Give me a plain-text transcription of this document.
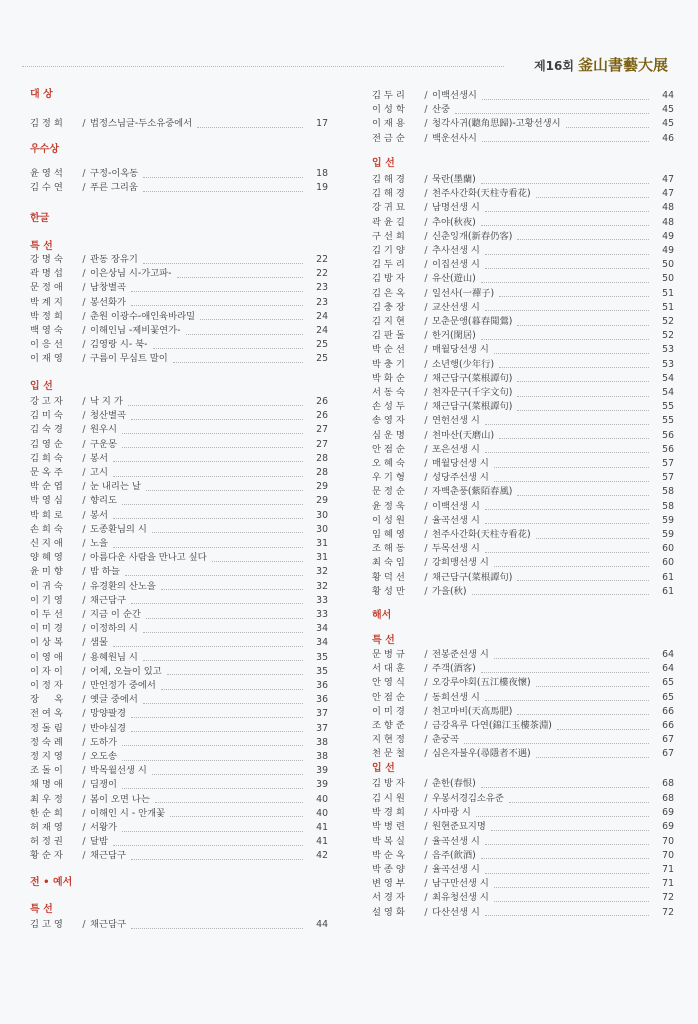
제16회 釜山書藝大展
대 상
김 정 희	/ 법정스님글-두소유중에서	17
우수상
윤 영 석	/ 구정-이옥동	18
김 수 연	/ 푸른 그리움	19
한글
특 선
강 명 숙	/ 관동 장유기	22
곽 명 섭	/ 이은상님 시-가고파-	22
문 정 애	/ 남창별곡	23
박 계 지	/ 봉선화가	23
박 정 희	/ 춘원 이광수-애인육바라밀	24
백 영 숙	/ 이해인님 -제비꽃연가-	24
이 응 선	/ 김영랑 시- 북-	25
이 재 영	/ 구름이 무심트 말이	25
입 선
강 고 자	/ 낙 지 가	26
김 미 숙	/ 청산별곡	26
김 숙 경	/ 원우시	27
김 영 순	/ 구운몽	27
김 희 숙	/ 봉서	28
문 옥 주	/ 고시	28
박 순 엽	/ 눈 내리는 날	29
박 영 심	/ 향리도	29
박 희 로	/ 봉서	30
손 희 숙	/ 도종환님의 시	30
신 지 애	/ 노을	31
양 혜 영	/ 아름다운 사람을 만나고 싶다	31
윤 미 향	/ 밤 하늘	32
이 귀 숙	/ 유경환의 산노을	32
이 기 영	/ 채근담구	33
이 두 선	/ 지금 이 순간	33
이 미 경	/ 이정하의 시	34
이 상 복	/ 샘물	34
이 영 애	/ 용혜원님 시	35
이 자 이	/ 어제, 오늘이 있고	35
이 정 자	/ 만언정가 중에서	36
장 　 옥	/ 옛글 중에서	36
전 여 옥	/ 망양팔경	37
정 돌 림	/ 반야심경	37
정 숙 례	/ 도하가	38
정 지 영	/ 오도송	38
조 돌 이	/ 박목월선생 시	39
채 명 애	/ 딤쟁이	39
최 우 정	/ 봄이 오면 나는	40
한 순 희	/ 이해인 시 - 안개꽃	40
허 재 영	/ 서왕가	41
허 정 권	/ 달밤	41
황 순 자	/ 채근담구	42
전 • 예서
특 선
김 고 영	/ 채근담구	44
김 두 리	/ 이백선생시	44
이 성 학	/ 산중	45
이 재 용	/ 청각사귀(聽角思歸)-고황선생시	45
전 금 순	/ 백운선사시	46
입 선
김 해 경	/ 묵란(墨蘭)	47
김 해 경	/ 천주사간화(天柱寺看花)	47
강 귀 묘	/ 남명선생 시	48
곽 윤 길	/ 추야(秋夜)	48
구 선 희	/ 신춘잉개(新春仍客)	49
김 기 양	/ 추사선생 시	49
김 두 리	/ 이집선생 시	50
김 방 자	/ 유산(遊山)	50
김 은 옥	/ 일선사(一禪子)	51
김 충 장	/ 교산선생 시	51
김 지 현	/ 모춘문앵(暮春聞鶯)	52
김 판 돌	/ 한거(閑居)	52
박 순 선	/ 매월당선생 시	53
박 충 기	/ 소년행(少年行)	53
박 화 순	/ 채근담구(菜根譚句)	54
서 동 숙	/ 천자문구(千字文句)	54
손 성 두	/ 채근담구(菜根譚句)	55
송 영 자	/ 연헌선생 시	55
심 운 명	/ 천마산(天磨山)	56
안 점 순	/ 포은선생 시	56
오 혜 숙	/ 매월당선생 시	57
우 기 형	/ 성당주선생 시	57
문 정 순	/ 자백춘풍(紫陌春風)	58
윤 정 욱	/ 이백선생 시	58
이 성 원	/ 율곡선생 시	59
임 혜 영	/ 천주사간화(天柱寺看花)	59
조 해 동	/ 두목선생 시	60
최 숙 임	/ 강희맹선생 시	60
황 덕 선	/ 채근담구(菜根譚句)	61
황 성 만	/ 가을(秋)	61
해서
특 선
문 병 규	/ 전봉준선생 시	64
서 대 훈	/ 주객(酒客)	64
안 영 식	/ 오강루야회(五江樓夜懷)	65
안 점 순	/ 동희선생 시	65
이 미 경	/ 천고마비(天高馬肥)	66
조 향 준	/ 금강욕루 다연(錦江玉樓茶淵)	66
지 현 정	/ 춘궁곡	67
천 문 철	/ 심은자불우(尋隱者不遇)	67
입 선
김 방 자	/ 춘한(春恨)	68
김 시 원	/ 우봉서경김소유준	68
박 경 희	/ 사마광 시	69
박 병 련	/ 원현준묘지명	69
박 복 실	/ 율곡선생 시	70
박 순 옥	/ 음주(飮酒)	70
박 종 양	/ 율곡선생 시	71
변 영 부	/ 남구만선생 시	71
서 경 자	/ 최유청선생 시	72
설 영 화	/ 다산선생 시	72
